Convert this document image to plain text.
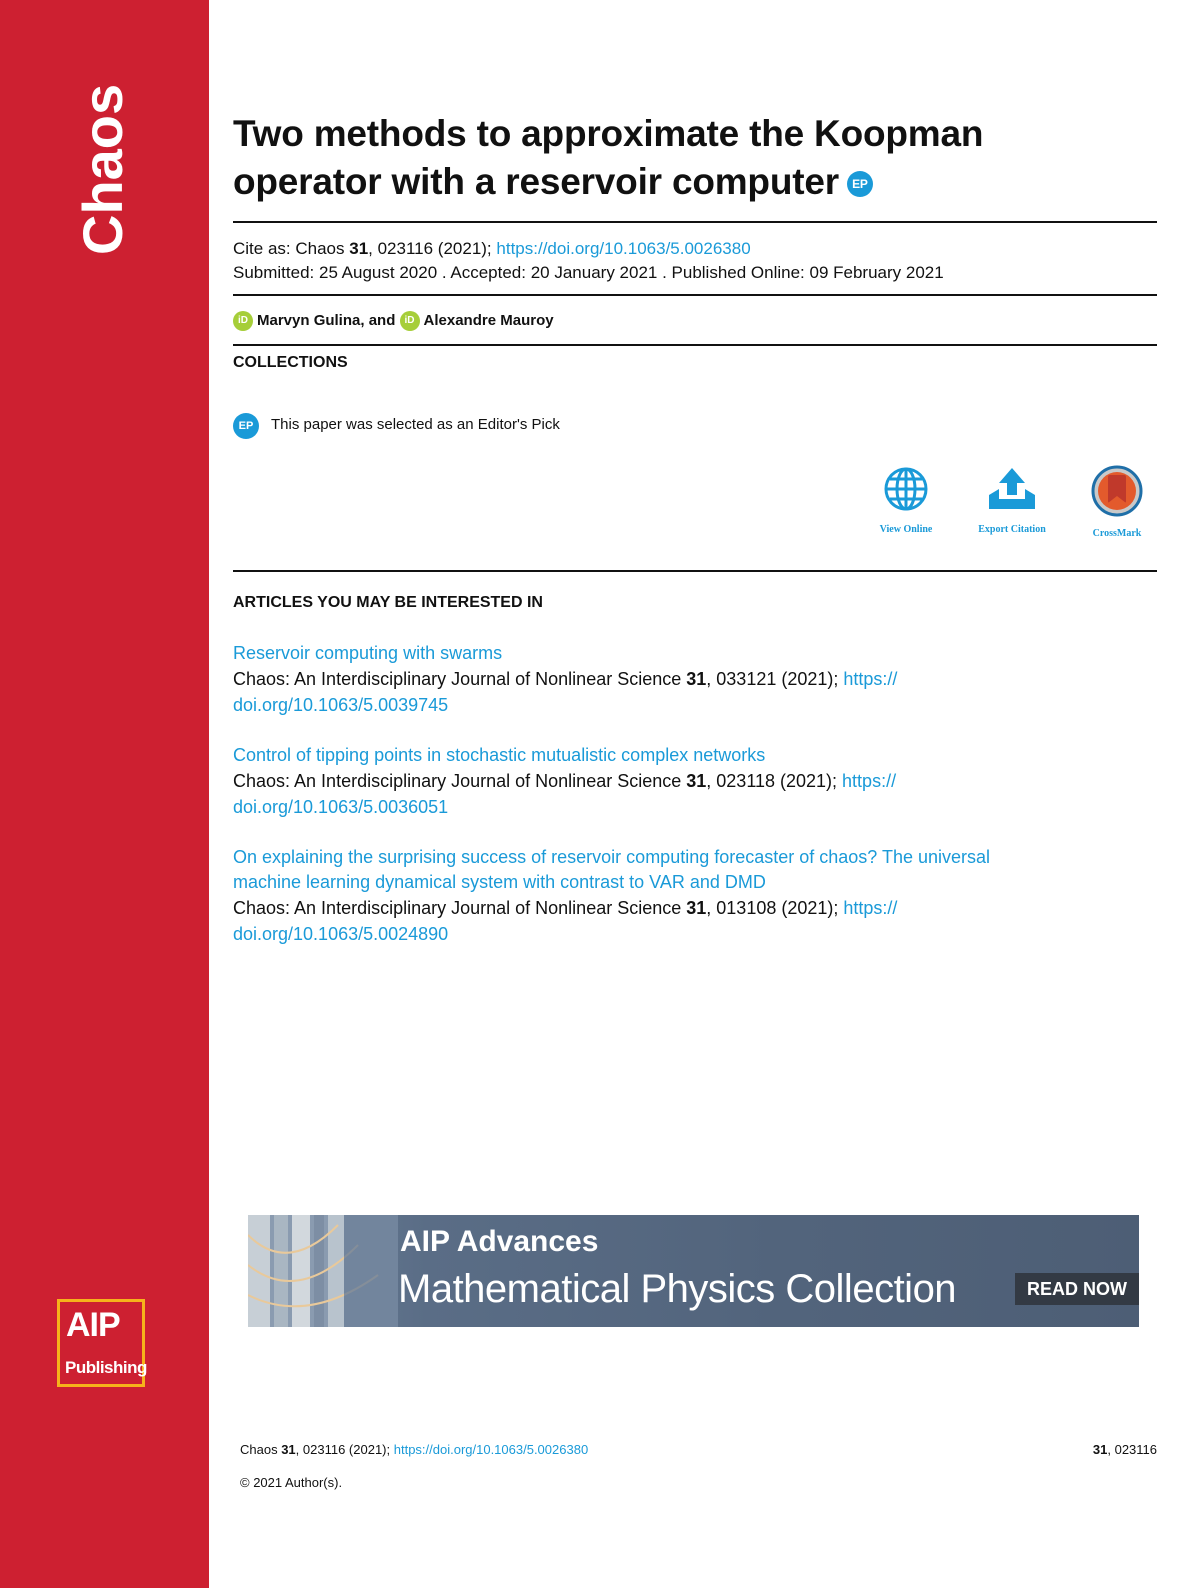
Chaos
AIP
Publishing
Two methods to approximate the Koopman
operator with a reservoir computer EP
Cite as: Chaos 31, 023116 (2021); https://doi.org/10.1063/5.0026380
Submitted: 25 August 2020 . Accepted: 20 January 2021 . Published Online: 09 February 2021
iD Marvyn Gulina, and iD Alexandre Mauroy
COLLECTIONS
EP This paper was selected as an Editor's Pick
View Online	Export Citation	CrossMark
ARTICLES YOU MAY BE INTERESTED IN
Reservoir computing with swarms
Chaos: An Interdisciplinary Journal of Nonlinear Science 31, 033121 (2021); https://
doi.org/10.1063/5.0039745
Control of tipping points in stochastic mutualistic complex networks
Chaos: An Interdisciplinary Journal of Nonlinear Science 31, 023118 (2021); https://
doi.org/10.1063/5.0036051
On explaining the surprising success of reservoir computing forecaster of chaos? The universal
machine learning dynamical system with contrast to VAR and DMD
Chaos: An Interdisciplinary Journal of Nonlinear Science 31, 013108 (2021); https://
doi.org/10.1063/5.0024890
AIP Advances
Mathematical Physics Collection	READ NOW
Chaos 31, 023116 (2021); https://doi.org/10.1063/5.0026380	31, 023116
© 2021 Author(s).
